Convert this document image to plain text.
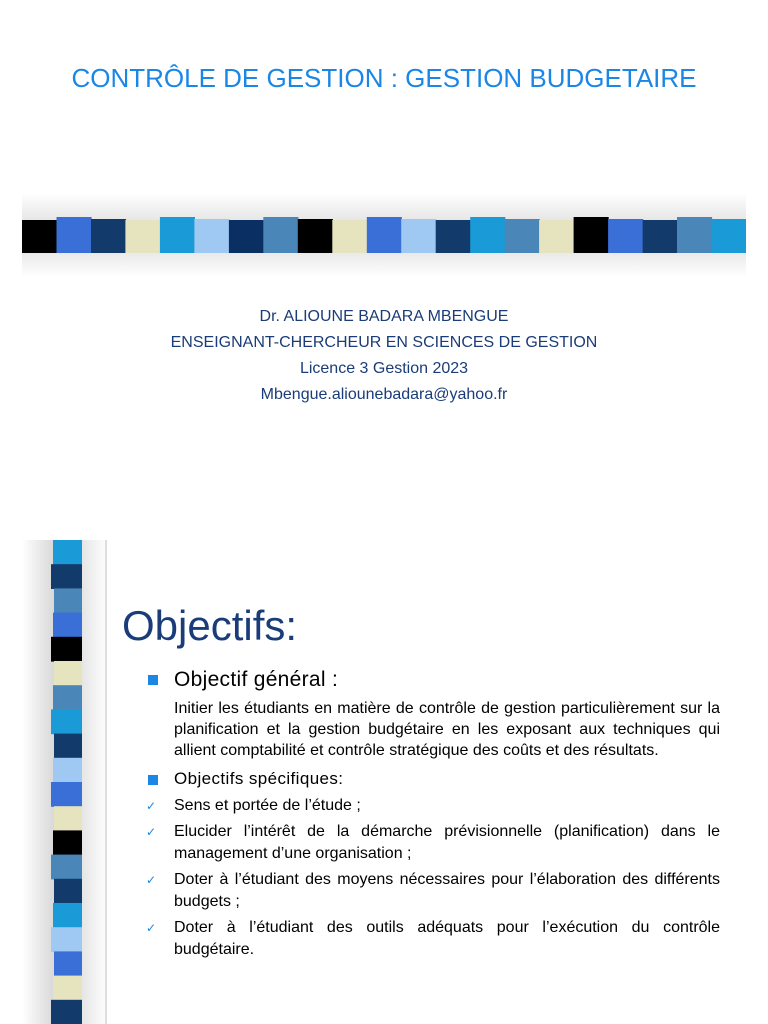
CONTRÔLE DE GESTION : GESTION BUDGETAIRE
Dr. ALIOUNE BADARA MBENGUE
ENSEIGNANT-CHERCHEUR EN SCIENCES DE GESTION
Licence 3 Gestion 2023
Mbengue.aliounebadara@yahoo.fr
Objectifs:
Objectif général :
Initier les étudiants en matière de contrôle de gestion particulièrement sur la planification et la gestion budgétaire en les exposant aux techniques qui allient comptabilité et contrôle stratégique des coûts et des résultats.
Objectifs spécifiques:
✓ Sens et portée de l’étude ;
✓ Elucider l’intérêt de la démarche prévisionnelle (planification) dans le management d’une organisation ;
✓ Doter à l’étudiant des moyens nécessaires pour l’élaboration des différents budgets ;
✓ Doter à l’étudiant des outils adéquats pour l’exécution du contrôle budgétaire.
